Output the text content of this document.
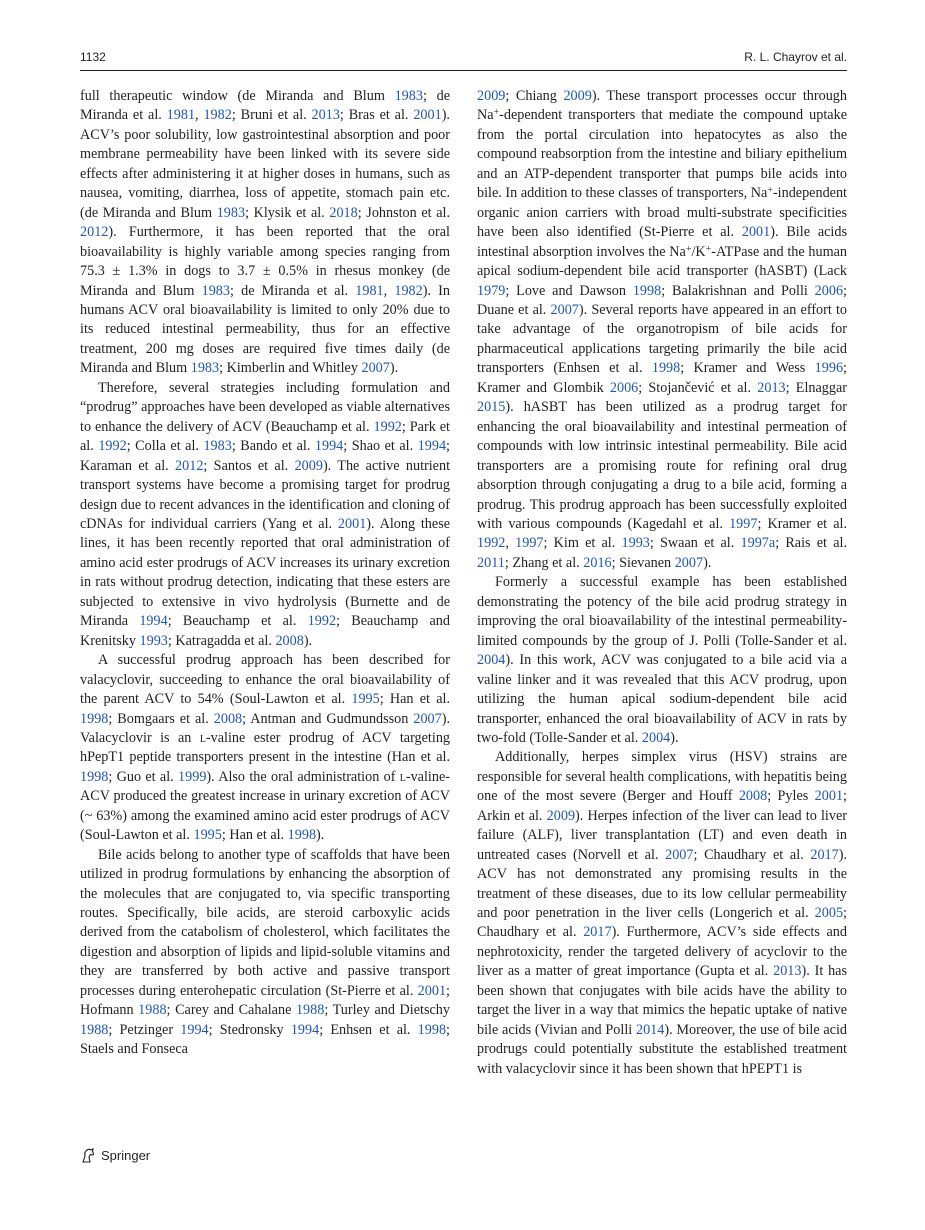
1132	R. L. Chayrov et al.

full therapeutic window (de Miranda and Blum 1983; de Miranda et al. 1981, 1982; Bruni et al. 2013; Bras et al. 2001). ACV’s poor solubility, low gastrointestinal absorption and poor membrane permeability have been linked with its severe side effects after administering it at higher doses in humans, such as nausea, vomiting, diarrhea, loss of appetite, stomach pain etc. (de Miranda and Blum 1983; Klysik et al. 2018; Johnston et al. 2012). Furthermore, it has been reported that the oral bioavailability is highly variable among species ranging from 75.3 ± 1.3% in dogs to 3.7 ± 0.5% in rhesus monkey (de Miranda and Blum 1983; de Miranda et al. 1981, 1982). In humans ACV oral bioavailability is limited to only 20% due to its reduced intestinal permeability, thus for an effective treatment, 200 mg doses are required five times daily (de Miranda and Blum 1983; Kimberlin and Whitley 2007).

Therefore, several strategies including formulation and “prodrug” approaches have been developed as viable alternatives to enhance the delivery of ACV (Beauchamp et al. 1992; Park et al. 1992; Colla et al. 1983; Bando et al. 1994; Shao et al. 1994; Karaman et al. 2012; Santos et al. 2009). The active nutrient transport systems have become a promising target for prodrug design due to recent advances in the identification and cloning of cDNAs for individual carriers (Yang et al. 2001). Along these lines, it has been recently reported that oral administration of amino acid ester prodrugs of ACV increases its urinary excretion in rats without prodrug detection, indicating that these esters are subjected to extensive in vivo hydrolysis (Burnette and de Miranda 1994; Beauchamp et al. 1992; Beauchamp and Krenitsky 1993; Katragadda et al. 2008).

A successful prodrug approach has been described for valacyclovir, succeeding to enhance the oral bioavailability of the parent ACV to 54% (Soul-Lawton et al. 1995; Han et al. 1998; Bomgaars et al. 2008; Antman and Gudmundsson 2007). Valacyclovir is an l-valine ester prodrug of ACV targeting hPepT1 peptide transporters present in the intestine (Han et al. 1998; Guo et al. 1999). Also the oral administration of l-valine-ACV produced the greatest increase in urinary excretion of ACV (~ 63%) among the examined amino acid ester prodrugs of ACV (Soul-Lawton et al. 1995; Han et al. 1998).

Bile acids belong to another type of scaffolds that have been utilized in prodrug formulations by enhancing the absorption of the molecules that are conjugated to, via specific transporting routes. Specifically, bile acids, are steroid carboxylic acids derived from the catabolism of cholesterol, which facilitates the digestion and absorption of lipids and lipid-soluble vitamins and they are transferred by both active and passive transport processes during enterohepatic circulation (St-Pierre et al. 2001; Hofmann 1988; Carey and Cahalane 1988; Turley and Dietschy 1988; Petzinger 1994; Stedronsky 1994; Enhsen et al. 1998; Staels and Fonseca

2009; Chiang 2009). These transport processes occur through Na+-dependent transporters that mediate the compound uptake from the portal circulation into hepatocytes as also the compound reabsorption from the intestine and biliary epithelium and an ATP-dependent transporter that pumps bile acids into bile. In addition to these classes of transporters, Na+-independent organic anion carriers with broad multi-substrate specificities have been also identified (St-Pierre et al. 2001). Bile acids intestinal absorption involves the Na+/K+-ATPase and the human apical sodium-dependent bile acid transporter (hASBT) (Lack 1979; Love and Dawson 1998; Balakrishnan and Polli 2006; Duane et al. 2007). Several reports have appeared in an effort to take advantage of the organotropism of bile acids for pharmaceutical applications targeting primarily the bile acid transporters (Enhsen et al. 1998; Kramer and Wess 1996; Kramer and Glombik 2006; Stojančević et al. 2013; Elnaggar 2015). hASBT has been utilized as a prodrug target for enhancing the oral bioavailability and intestinal permeation of compounds with low intrinsic intestinal permeability. Bile acid transporters are a promising route for refining oral drug absorption through conjugating a drug to a bile acid, forming a prodrug. This prodrug approach has been successfully exploited with various compounds (Kagedahl et al. 1997; Kramer et al. 1992, 1997; Kim et al. 1993; Swaan et al. 1997a; Rais et al. 2011; Zhang et al. 2016; Sievanen 2007).

Formerly a successful example has been established demonstrating the potency of the bile acid prodrug strategy in improving the oral bioavailability of the intestinal permeability-limited compounds by the group of J. Polli (Tolle-Sander et al. 2004). In this work, ACV was conjugated to a bile acid via a valine linker and it was revealed that this ACV prodrug, upon utilizing the human apical sodium-dependent bile acid transporter, enhanced the oral bioavailability of ACV in rats by two-fold (Tolle-Sander et al. 2004).

Additionally, herpes simplex virus (HSV) strains are responsible for several health complications, with hepatitis being one of the most severe (Berger and Houff 2008; Pyles 2001; Arkin et al. 2009). Herpes infection of the liver can lead to liver failure (ALF), liver transplantation (LT) and even death in untreated cases (Norvell et al. 2007; Chaudhary et al. 2017). ACV has not demonstrated any promising results in the treatment of these diseases, due to its low cellular permeability and poor penetration in the liver cells (Longerich et al. 2005; Chaudhary et al. 2017). Furthermore, ACV’s side effects and nephrotoxicity, render the targeted delivery of acyclovir to the liver as a matter of great importance (Gupta et al. 2013). It has been shown that conjugates with bile acids have the ability to target the liver in a way that mimics the hepatic uptake of native bile acids (Vivian and Polli 2014). Moreover, the use of bile acid prodrugs could potentially substitute the established treatment with valacyclovir since it has been shown that hPEPT1 is

Springer
